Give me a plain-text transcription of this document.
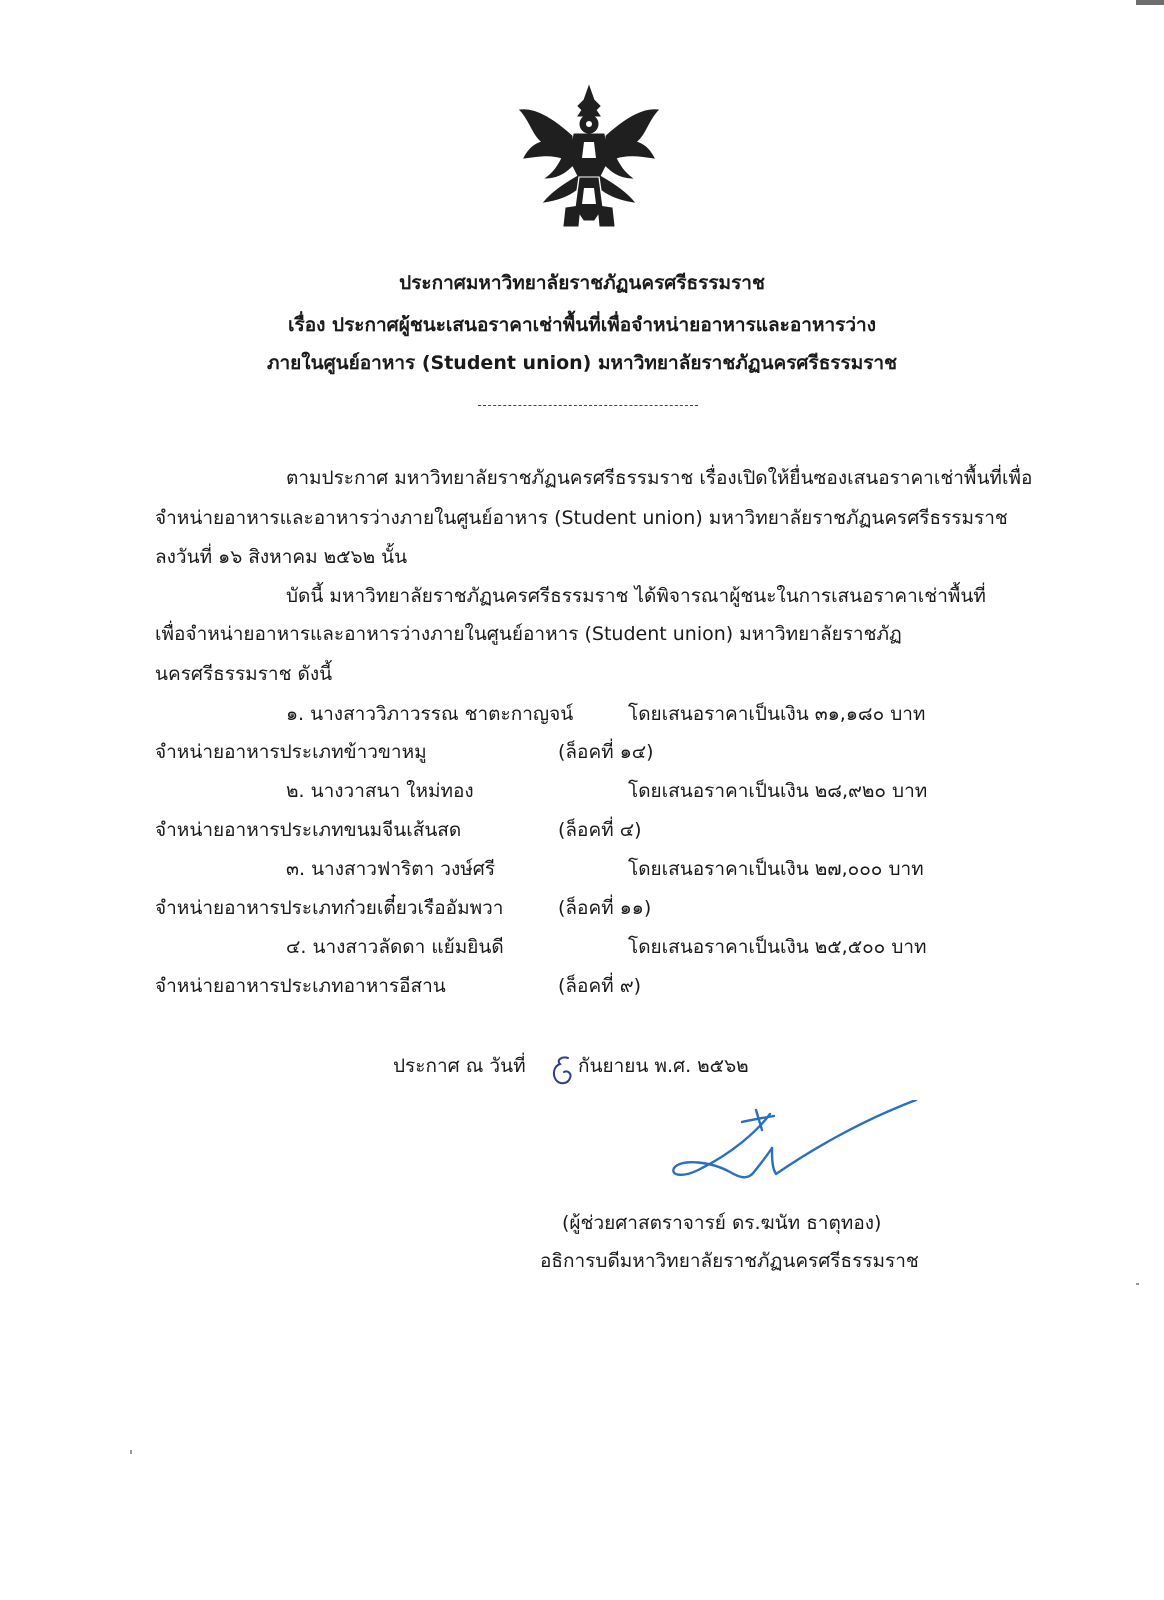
ประกาศมหาวิทยาลัยราชภัฏนครศรีธรรมราช
เรื่อง ประกาศผู้ชนะเสนอราคาเช่าพื้นที่เพื่อจำหน่ายอาหารและอาหารว่าง
ภายในศูนย์อาหาร (Student union) มหาวิทยาลัยราชภัฏนครศรีธรรมราช
ตามประกาศ มหาวิทยาลัยราชภัฏนครศรีธรรมราช เรื่องเปิดให้ยื่นซองเสนอราคาเช่าพื้นที่เพื่อ
จำหน่ายอาหารและอาหารว่างภายในศูนย์อาหาร (Student union) มหาวิทยาลัยราชภัฏนครศรีธรรมราช
ลงวันที่ ๑๖ สิงหาคม ๒๕๖๒ นั้น
บัดนี้ มหาวิทยาลัยราชภัฏนครศรีธรรมราช ได้พิจารณาผู้ชนะในการเสนอราคาเช่าพื้นที่
เพื่อจำหน่ายอาหารและอาหารว่างภายในศูนย์อาหาร (Student union) มหาวิทยาลัยราชภัฏ
นครศรีธรรมราช ดังนี้
๑. นางสาววิภาวรรณ ชาตะกาญจน์	โดยเสนอราคาเป็นเงิน ๓๑,๑๘๐ บาท
จำหน่ายอาหารประเภทข้าวขาหมู	(ล็อคที่ ๑๔)
๒. นางวาสนา ใหม่ทอง	โดยเสนอราคาเป็นเงิน ๒๘,๙๒๐ บาท
จำหน่ายอาหารประเภทขนมจีนเส้นสด	(ล็อคที่ ๔)
๓. นางสาวฟาริตา วงษ์ศรี	โดยเสนอราคาเป็นเงิน ๒๗,๐๐๐ บาท
จำหน่ายอาหารประเภทก๋วยเตี๋ยวเรืออัมพวา	(ล็อคที่ ๑๑)
๔. นางสาวลัดดา แย้มยินดี	โดยเสนอราคาเป็นเงิน ๒๕,๕๐๐ บาท
จำหน่ายอาหารประเภทอาหารอีสาน	(ล็อคที่ ๙)
ประกาศ ณ วันที่	กันยายน พ.ศ. ๒๕๖๒
(ผู้ช่วยศาสตราจารย์ ดร.ฆนัท ธาตุทอง)
อธิการบดีมหาวิทยาลัยราชภัฏนครศรีธรรมราช
